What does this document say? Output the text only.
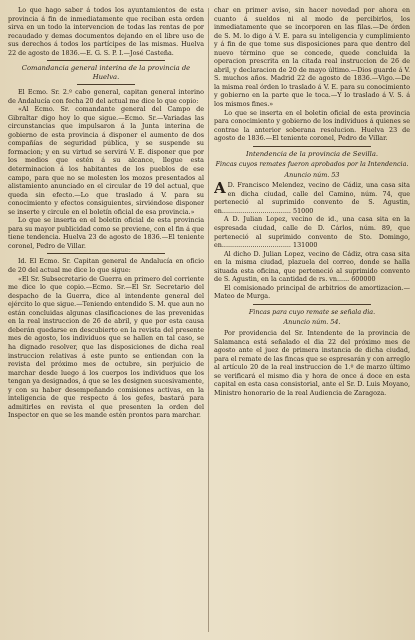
Lo que hago saber á todos los ayuntamientos de esta provincia á fin de inmediatamente que reciban esta orden sirva en un todo la intervencion de todas las rentas de por recaudado y demas documentos dejando en el libre uso de sus derechos á todos los partícipes de las mismas. Huelva 22 de agosto de 1836.—E. G. S. P. I.—José Casteña.

Comandancia general interina de la provincia de Huelva.

El Ecmo. Sr. 2.º cabo general, capitan general interino de Andalucía con fecha 20 del actual me dice lo que copio:

«Al Ecmo. Sr. comandante general del Campo de Gibraltar digo hoy lo que sigue.—Ecmo. Sr.—Variadas las circunstancias que impulsaron á la Junta interina de gobierno de esta provincia á disponer el aumento de dos compañías de seguridad pública, y se suspende su formacion; y en su virtud se servirá V. E. disponer que por los medios que estén á su alcance, llegue esta determinacion á los habitantes de los pueblos de ese campo, para que no se molesten los mozos presentados al alistamiento anunciado en el circular de 19 del actual, que queda sin efecto.—Lo que traslado á V. para su conocimiento y efectos consiguientes, sirviéndose disponer se inserte y circule en el boletín oficial de esa provincia.»

Lo que se inserta en el boletin oficial de esta provincia para su mayor publicidad como se previene, con el fin á que tiene tendencia. Huelva 23 de agosto de 1836.—El teniente coronel, Pedro de Villar.

Id. El Ecmo. Sr. Capitan general de Andalucía en oficio de 20 del actual me dice lo que sigue:

«El Sr. Subsecretario de Guerra en primero del corriente me dice lo que copio.—Ecmo. Sr.—El Sr. Secretario del despacho de la Guerra, dice al intendente general del ejército lo que sigue.—Teniendo entendido S. M. que aun no están concluidas algunas clasificaciones de las prevenidas en la real instruccion de 26 de abril, y que por esta causa deberán quedarse en descubierto en la revista del presente mes de agosto, los individuos que se hallen en tal caso, se ha dignado resolver, que las disposiciones de dicha real instruccion relativas á este punto se entiendan con la revista del próximo mes de octubre, sin perjuicio de marchar desde luego á los cuerpos los individuos que los tengan ya designados, á que se les designen sucesivamente, y con su haber desempeñando comisiones activas, en la inteligencia de que respecto á los gefes, bastará para admitirles en revista el que presenten la orden del Inspector en que se les mande estén prontos para marchar.

char en primer aviso, sin hacer novedad por ahora en cuanto á sueldos ni al modo de percibirlos, los inmediatamente que se incorporen en las filas.—De órden de S. M. lo digo á V. E. para su inteligencia y cumplimiento y á fin de que tome sus disposiciones para que dentro del nuevo término que se concede, quede concluida la operacion prescrita en la citada real instruccion de 26 de abril, y declaracion de 20 de mayo último.—Dios guarde á V. S. muchos años. Madrid 22 de agosto de 1836.—Vigo.—De la misma real órden lo traslado á V. E. para su conocimiento y gobierno en la parte que le toca.—Y lo traslado á V. S. á los mismos fines.»

Lo que se inserta en el boletin oficial de esta provincia para conocimiento y gobierno de los individuos á quienes se contrae la anterior soberana resolucion. Huelva 23 de agosto de 1836.—El teniente coronel, Pedro de Villar.

Intendencia de la provincia de Sevilla.
Fincas cuyos remates fueron aprobados por la Intendencia.
Anuncio núm. 53

A D. Francisco Melendez, vecino de Cádiz, una casa sita en dicha ciudad, calle del Camino, núm. 74, que perteneció al suprimido convento de S. Agustin, en.................................. 51000

A D. Julian Lopez, vecino de id., una casa sita en la espresada ciudad, calle de D. Cárlos, núm. 89, que perteneció al suprimido convento de Sto. Domingo, en.................................. 131000

Al dicho D. Julian Lopez, vecino de Cádiz, otra casa sita en la misma ciudad, plazuela del correo, donde se halla situada esta oficina, que perteneció al suprimido convento de S. Agustin, en la cantidad de rs. vn...... 600000

El comisionado principal de arbitrios de amortizacion.—Mateo de Murga.

Fincas para cuyo remate se señala dia.
Anuncio núm. 54.

Por providencia del Sr. Intendente de la provincia de Salamanca está señalado el dia 22 del próximo mes de agosto ante el juez de primera instancia de dicha ciudad, para el remate de las fincas que se espresarán y con arreglo al artículo 20 de la real instruccion de 1.º de marzo último se verificará el mismo dia y hora de once á doce en esta capital en esta casa consistorial, ante el Sr. D. Luis Moyano, Ministro honorario de la real Audiencia de Zaragoza.
